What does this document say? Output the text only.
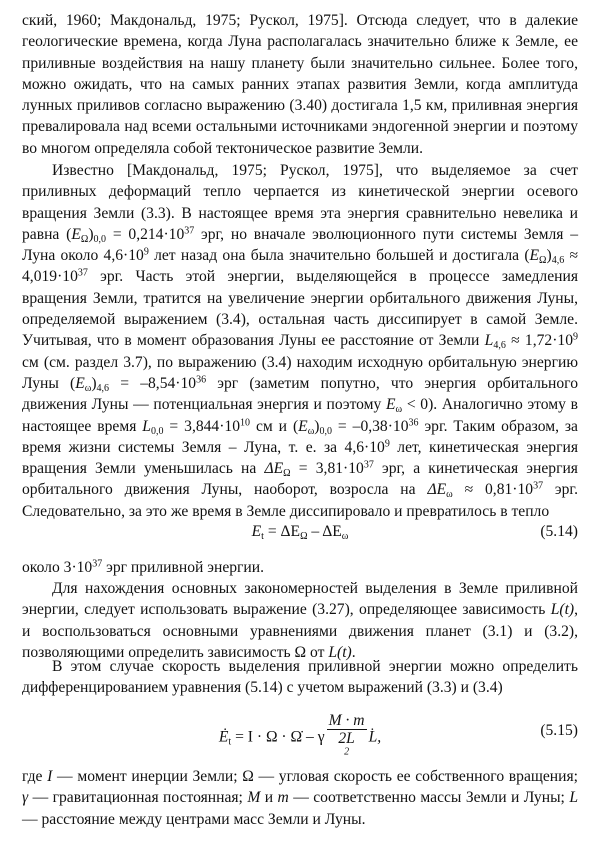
ский, 1960; Макдональд, 1975; Рускол, 1975]. Отсюда следует, что в далекие геологические времена, когда Луна располагалась значительно ближе к Земле, ее приливные воздействия на нашу планету были значительно сильнее. Более того, можно ожидать, что на самых ранних этапах развития Земли, когда амплитуда лунных приливов согласно выражению (3.40) достигала 1,5 км, приливная энергия превалировала над всеми остальными источниками эндогенной энергии и поэтому во многом определяла собой тектоническое развитие Земли.

Известно [Макдональд, 1975; Рускол, 1975], что выделяемое за счет приливных деформаций тепло черпается из кинетической энергии осевого вращения Земли (3.3). В настоящее время эта энергия сравнительно невелика и равна $(E_\Omega)_{0,0} = 0,214\cdot 10^{37}$ эрг, но вначале эволюционного пути системы Земля – Луна около $4,6\cdot 10^9$ лет назад она была значительно большей и достигала $(E_\Omega)_{4,6} \approx 4,019\cdot 10^{37}$ эрг. Часть этой энергии, выделяющейся в процессе замедления вращения Земли, тратится на увеличение энергии орбитального движения Луны, определяемой выражением (3.4), остальная часть диссипирует в самой Земле. Учитывая, что в момент образования Луны ее расстояние от Земли $L_{4,6} \approx 1,72\cdot 10^9$ см (см. раздел 3.7), по выражению (3.4) находим исходную орбитальную энергию Луны $(E_\omega)_{4,6} = -8,54\cdot 10^{36}$ эрг (заметим попутно, что энергия орбитального движения Луны — потенциальная энергия и поэтому $E_\omega < 0$). Аналогично этому в настоящее время $L_{0,0} = 3,844\cdot 10^{10}$ см и $(E_\omega)_{0,0} = -0,38\cdot 10^{36}$ эрг. Таким образом, за время жизни системы Земля – Луна, т. е. за $4,6\cdot 10^9$ лет, кинетическая энергия вращения Земли уменьшилась на $\Delta E_\Omega = 3,81\cdot 10^{37}$ эрг, а кинетическая энергия орбитального движения Луны, наоборот, возросла на $\Delta E_\omega \approx 0,81\cdot 10^{37}$ эрг. Следовательно, за это же время в Земле диссипировало и превратилось в тепло

$E_t = \Delta E_\Omega - \Delta E_\omega$	(5.14)

около $3\cdot 10^{37}$ эрг приливной энергии.

Для нахождения основных закономерностей выделения в Земле приливной энергии, следует использовать выражение (3.27), определяющее зависимость L(t), и воспользоваться основными уравнениями движения планет (3.1) и (3.2), позволяющими определить зависимость Ω от L(t).

В этом случае скорость выделения приливной энергии можно определить дифференцированием уравнения (5.14) с учетом выражений (3.3) и (3.4)

$Ė_t = I \cdot \Omega$ · Ω̇ – γ M · m
2L
$^2$ L̇,	(5.15)

где I — момент инерции Земли; Ω — угловая скорость ее собственного вращения; γ — гравитационная постоянная; M и m — соответственно массы Земли и Луны; L — расстояние между центрами масс Земли и Луны.
